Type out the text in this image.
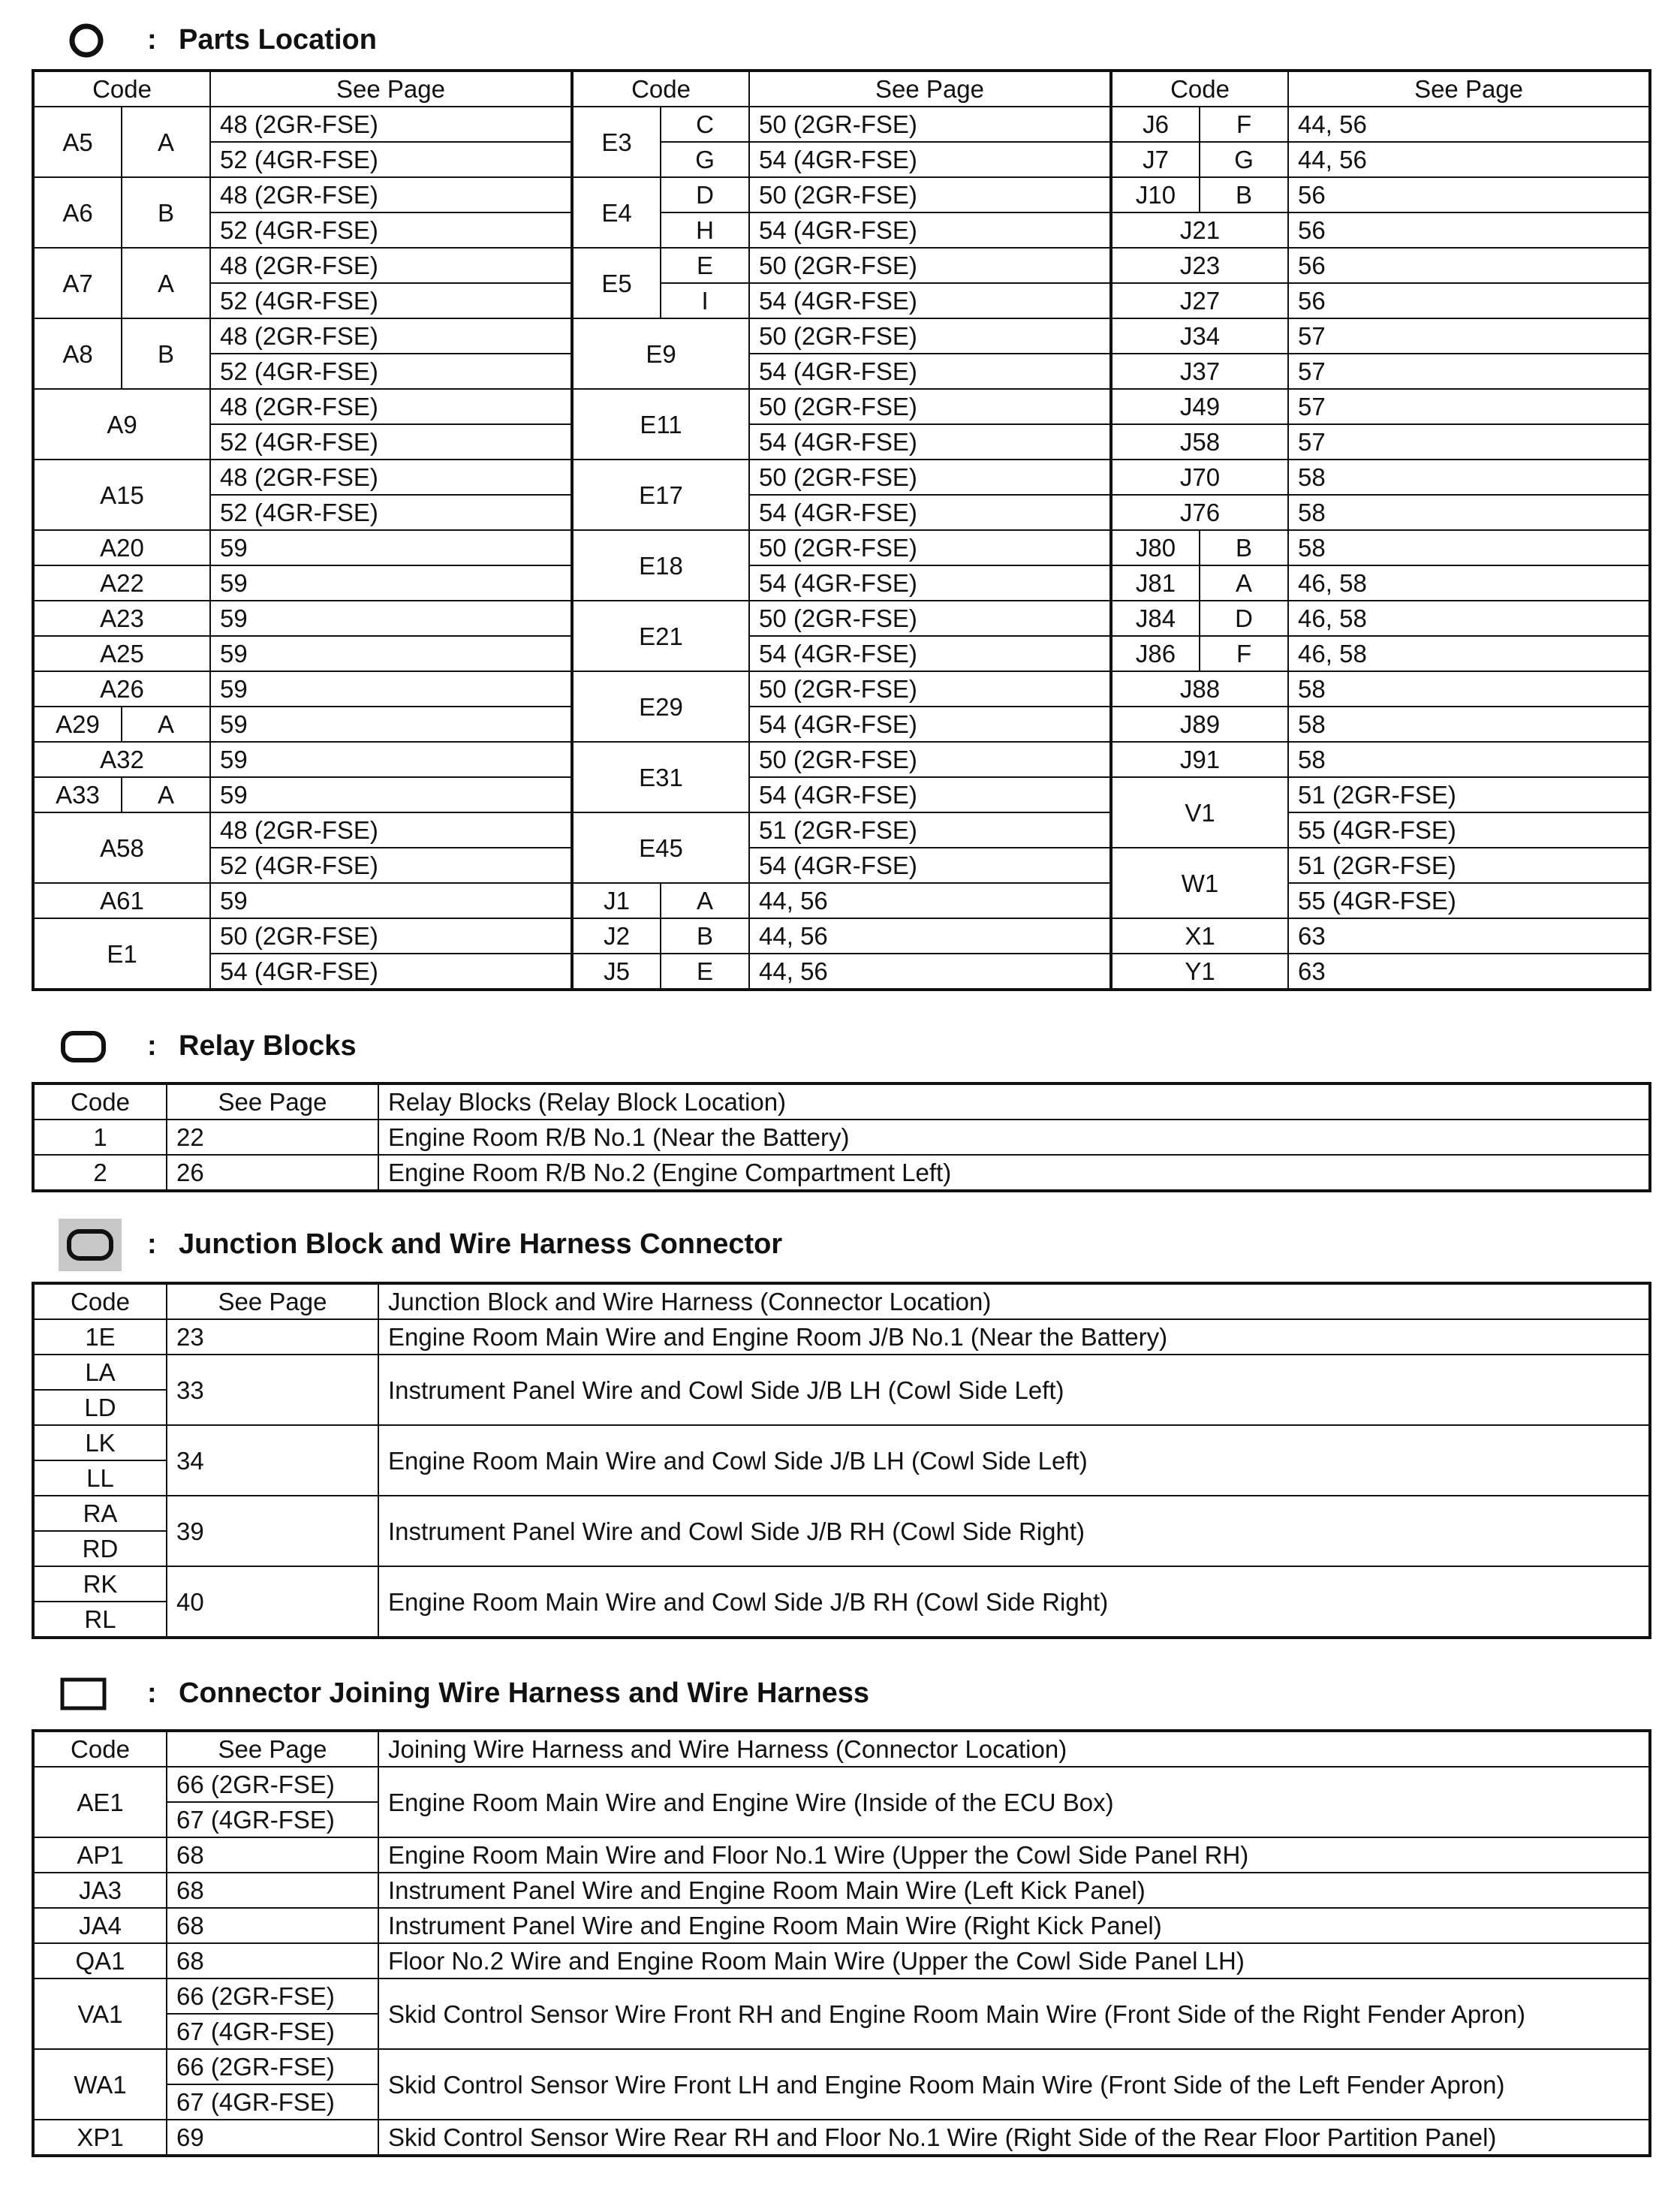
: Parts Location
Code		See Page	Code		See Page	Code		See Page
A5	A	48 (2GR-FSE)	E3	C	50 (2GR-FSE)	J6	F	44, 56
		52 (4GR-FSE)		G	54 (4GR-FSE)	J7	G	44, 56
A6	B	48 (2GR-FSE)	E4	D	50 (2GR-FSE)	J10	B	56
		52 (4GR-FSE)		H	54 (4GR-FSE)	J21		56
A7	A	48 (2GR-FSE)	E5	E	50 (2GR-FSE)	J23		56
		52 (4GR-FSE)		I	54 (4GR-FSE)	J27		56
A8	B	48 (2GR-FSE)	E9		50 (2GR-FSE)	J34		57
		52 (4GR-FSE)			54 (4GR-FSE)	J37		57
A9		48 (2GR-FSE)	E11		50 (2GR-FSE)	J49		57
		52 (4GR-FSE)			54 (4GR-FSE)	J58		57
A15		48 (2GR-FSE)	E17		50 (2GR-FSE)	J70		58
		52 (4GR-FSE)			54 (4GR-FSE)	J76		58
A20		59	E18		50 (2GR-FSE)	J80	B	58
A22		59			54 (4GR-FSE)	J81	A	46, 58
A23		59	E21		50 (2GR-FSE)	J84	D	46, 58
A25		59			54 (4GR-FSE)	J86	F	46, 58
A26		59	E29		50 (2GR-FSE)	J88		58
A29	A	59			54 (4GR-FSE)	J89		58
A32		59	E31		50 (2GR-FSE)	J91		58
A33	A	59			54 (4GR-FSE)	V1		51 (2GR-FSE)
A58		48 (2GR-FSE)	E45		51 (2GR-FSE)			55 (4GR-FSE)
		52 (4GR-FSE)			54 (4GR-FSE)	W1		51 (2GR-FSE)
A61		59	J1	A	44, 56			55 (4GR-FSE)
E1		50 (2GR-FSE)	J2	B	44, 56	X1		63
		54 (4GR-FSE)	J5	E	44, 56	Y1		63
: Relay Blocks
Code	See Page	Relay Blocks (Relay Block Location)
1	22	Engine Room R/B No.1 (Near the Battery)
2	26	Engine Room R/B No.2 (Engine Compartment Left)
: Junction Block and Wire Harness Connector
Code	See Page	Junction Block and Wire Harness (Connector Location)
1E	23	Engine Room Main Wire and Engine Room J/B No.1 (Near the Battery)
LA	33	Instrument Panel Wire and Cowl Side J/B LH (Cowl Side Left)
LD		
LK	34	Engine Room Main Wire and Cowl Side J/B LH (Cowl Side Left)
LL		
RA	39	Instrument Panel Wire and Cowl Side J/B RH (Cowl Side Right)
RD		
RK	40	Engine Room Main Wire and Cowl Side J/B RH (Cowl Side Right)
RL		
: Connector Joining Wire Harness and Wire Harness
Code	See Page	Joining Wire Harness and Wire Harness (Connector Location)
AE1	66 (2GR-FSE)	Engine Room Main Wire and Engine Wire (Inside of the ECU Box)
	67 (4GR-FSE)	
AP1	68	Engine Room Main Wire and Floor No.1 Wire (Upper the Cowl Side Panel RH)
JA3	68	Instrument Panel Wire and Engine Room Main Wire (Left Kick Panel)
JA4	68	Instrument Panel Wire and Engine Room Main Wire (Right Kick Panel)
QA1	68	Floor No.2 Wire and Engine Room Main Wire (Upper the Cowl Side Panel LH)
VA1	66 (2GR-FSE)	Skid Control Sensor Wire Front RH and Engine Room Main Wire (Front Side of the Right Fender Apron)
	67 (4GR-FSE)	
WA1	66 (2GR-FSE)	Skid Control Sensor Wire Front LH and Engine Room Main Wire (Front Side of the Left Fender Apron)
	67 (4GR-FSE)	
XP1	69	Skid Control Sensor Wire Rear RH and Floor No.1 Wire (Right Side of the Rear Floor Partition Panel)
